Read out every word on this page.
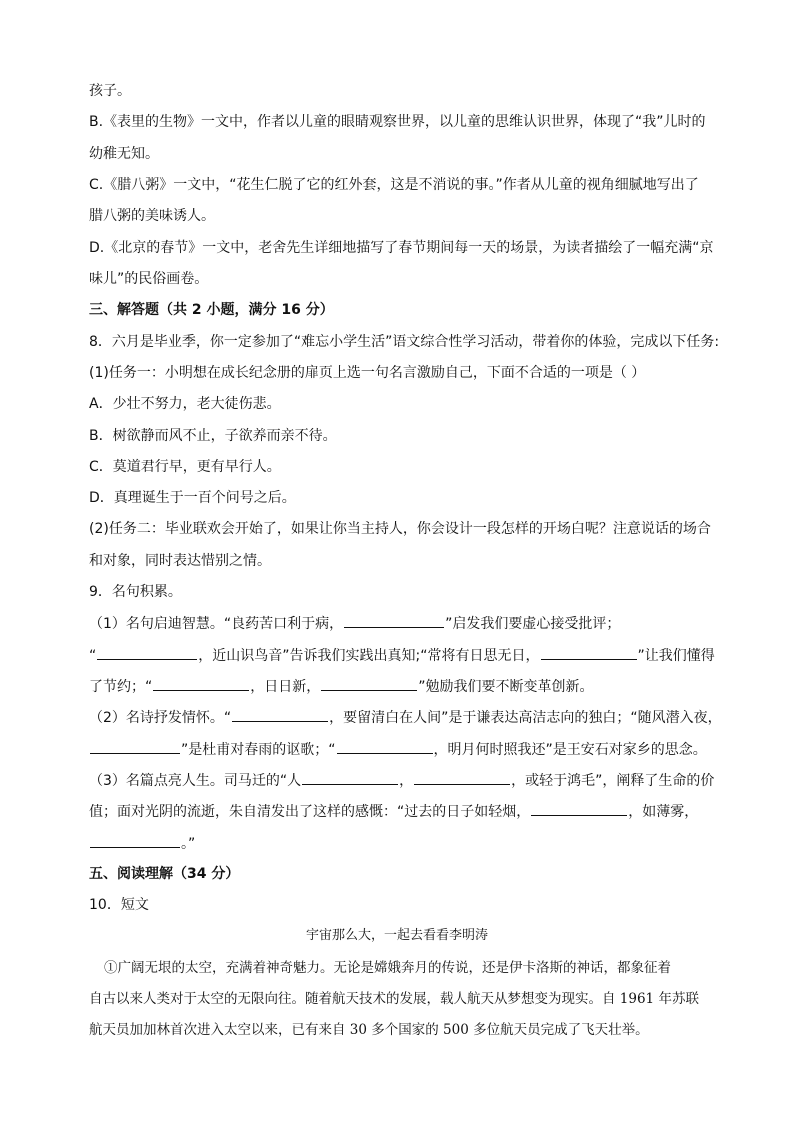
孩子。
B.《表里的生物》一文中，作者以儿童的眼睛观察世界，以儿童的思维认识世界，体现了“我”儿时的
幼稚无知。
C.《腊八粥》一文中，“花生仁脱了它的红外套，这是不消说的事。”作者从儿童的视角细腻地写出了
腊八粥的美味诱人。
D.《北京的春节》一文中，老舍先生详细地描写了春节期间每一天的场景，为读者描绘了一幅充满“京
味儿”的民俗画卷。
三、解答题（共 2 小题，满分 16 分）
8．六月是毕业季，你一定参加了“难忘小学生活”语文综合性学习活动，带着你的体验，完成以下任务:
(1)任务一：小明想在成长纪念册的扉页上选一句名言激励自己，下面不合适的一项是（ ）
A．少壮不努力，老大徒伤悲。
B．树欲静而风不止，子欲养而亲不待。
C．莫道君行早，更有早行人。
D．真理诞生于一百个问号之后。
(2)任务二：毕业联欢会开始了，如果让你当主持人，你会设计一段怎样的开场白呢？注意说话的场合
和对象，同时表达惜别之情。
9．名句积累。
（1）名句启迪智慧。“良药苦口利于病，	”启发我们要虚心接受批评；
“	，近山识鸟音”告诉我们实践出真知;“常将有日思无日，	”让我们懂得
了节约；“	，日日新，	”勉励我们要不断变革创新。
（2）名诗抒发情怀。“	，要留清白在人间”是于谦表达高洁志向的独白；“随风潜入夜，
”是杜甫对春雨的讴歌；“	，明月何时照我还”是王安石对家乡的思念。
（3）名篇点亮人生。司马迁的“人	，	，或轻于鸿毛”，阐释了生命的价
值；面对光阴的流逝，朱自清发出了这样的感慨：“过去的日子如轻烟，	，如薄雾，
。”
五、阅读理解（34 分）
10．短文
宇宙那么大，一起去看看李明涛
①广阔无垠的太空，充满着神奇魅力。无论是嫦娥奔月的传说，还是伊卡洛斯的神话，都象征着
自古以来人类对于太空的无限向往。随着航天技术的发展，载人航天从梦想变为现实。自 1961 年苏联
航天员加加林首次进入太空以来，已有来自 30 多个国家的 500 多位航天员完成了飞天壮举。
